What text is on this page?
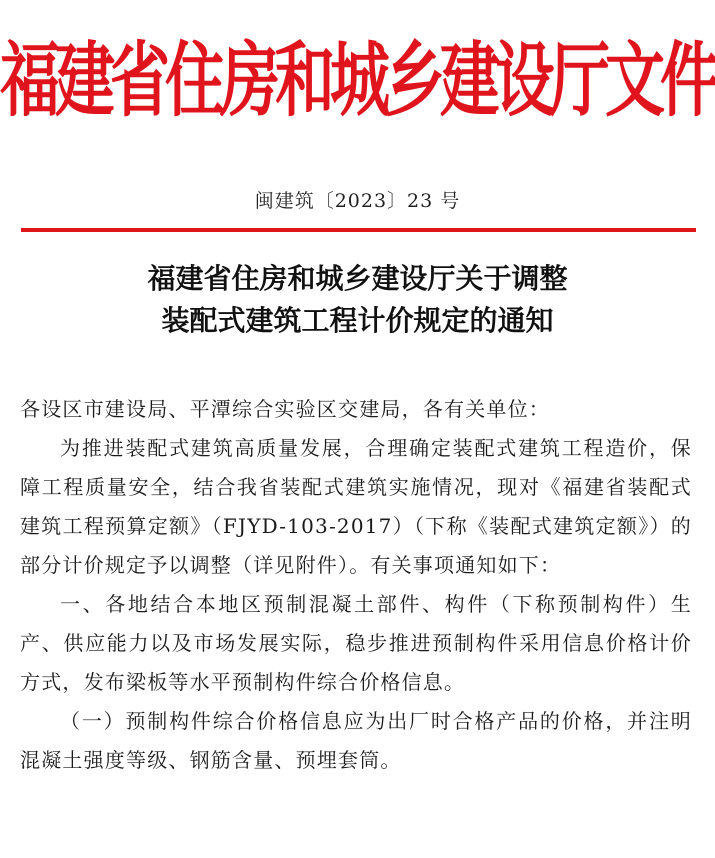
福建省住房和城乡建设厅文件
闽建筑〔2023〕23 号
福建省住房和城乡建设厅关于调整
装配式建筑工程计价规定的通知

各设区市建设局、平潭综合实验区交建局，各有关单位：

为推进装配式建筑高质量发展，合理确定装配式建筑工程造价，保障工程质量安全，结合我省装配式建筑实施情况，现对《福建省装配式建筑工程预算定额》（FJYD-103-2017）（下称《装配式建筑定额》）的部分计价规定予以调整（详见附件）。有关事项通知如下：

一、各地结合本地区预制混凝土部件、构件（下称预制构件）生产、供应能力以及市场发展实际，稳步推进预制构件采用信息价格计价方式，发布梁板等水平预制构件综合价格信息。

（一）预制构件综合价格信息应为出厂时合格产品的价格，并注明混凝土强度等级、钢筋含量、预埋套筒。
